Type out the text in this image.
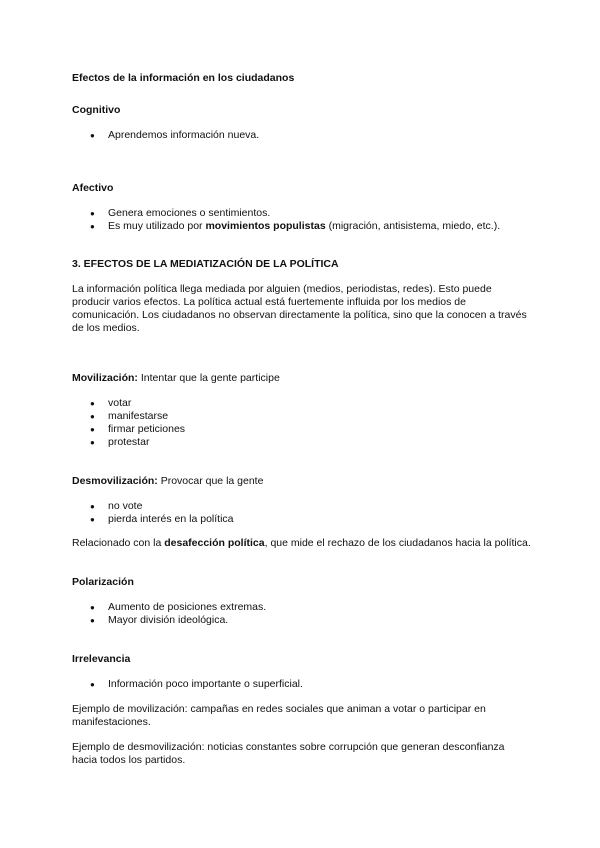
Efectos de la información en los ciudadanos
Cognitivo
● Aprendemos información nueva.
Afectivo
● Genera emociones o sentimientos.
● Es muy utilizado por movimientos populistas (migración, antisistema, miedo, etc.).
3. EFECTOS DE LA MEDIATIZACIÓN DE LA POLÍTICA
La información política llega mediada por alguien (medios, periodistas, redes). Esto puede producir varios efectos. La política actual está fuertemente influida por los medios de comunicación. Los ciudadanos no observan directamente la política, sino que la conocen a través de los medios.
Movilización: Intentar que la gente participe
● votar
● manifestarse
● firmar peticiones
● protestar
Desmovilización: Provocar que la gente
● no vote
● pierda interés en la política
Relacionado con la desafección política, que mide el rechazo de los ciudadanos hacia la política.
Polarización
● Aumento de posiciones extremas.
● Mayor división ideológica.
Irrelevancia
● Información poco importante o superficial.
Ejemplo de movilización: campañas en redes sociales que animan a votar o participar en manifestaciones.
Ejemplo de desmovilización: noticias constantes sobre corrupción que generan desconfianza hacia todos los partidos.
